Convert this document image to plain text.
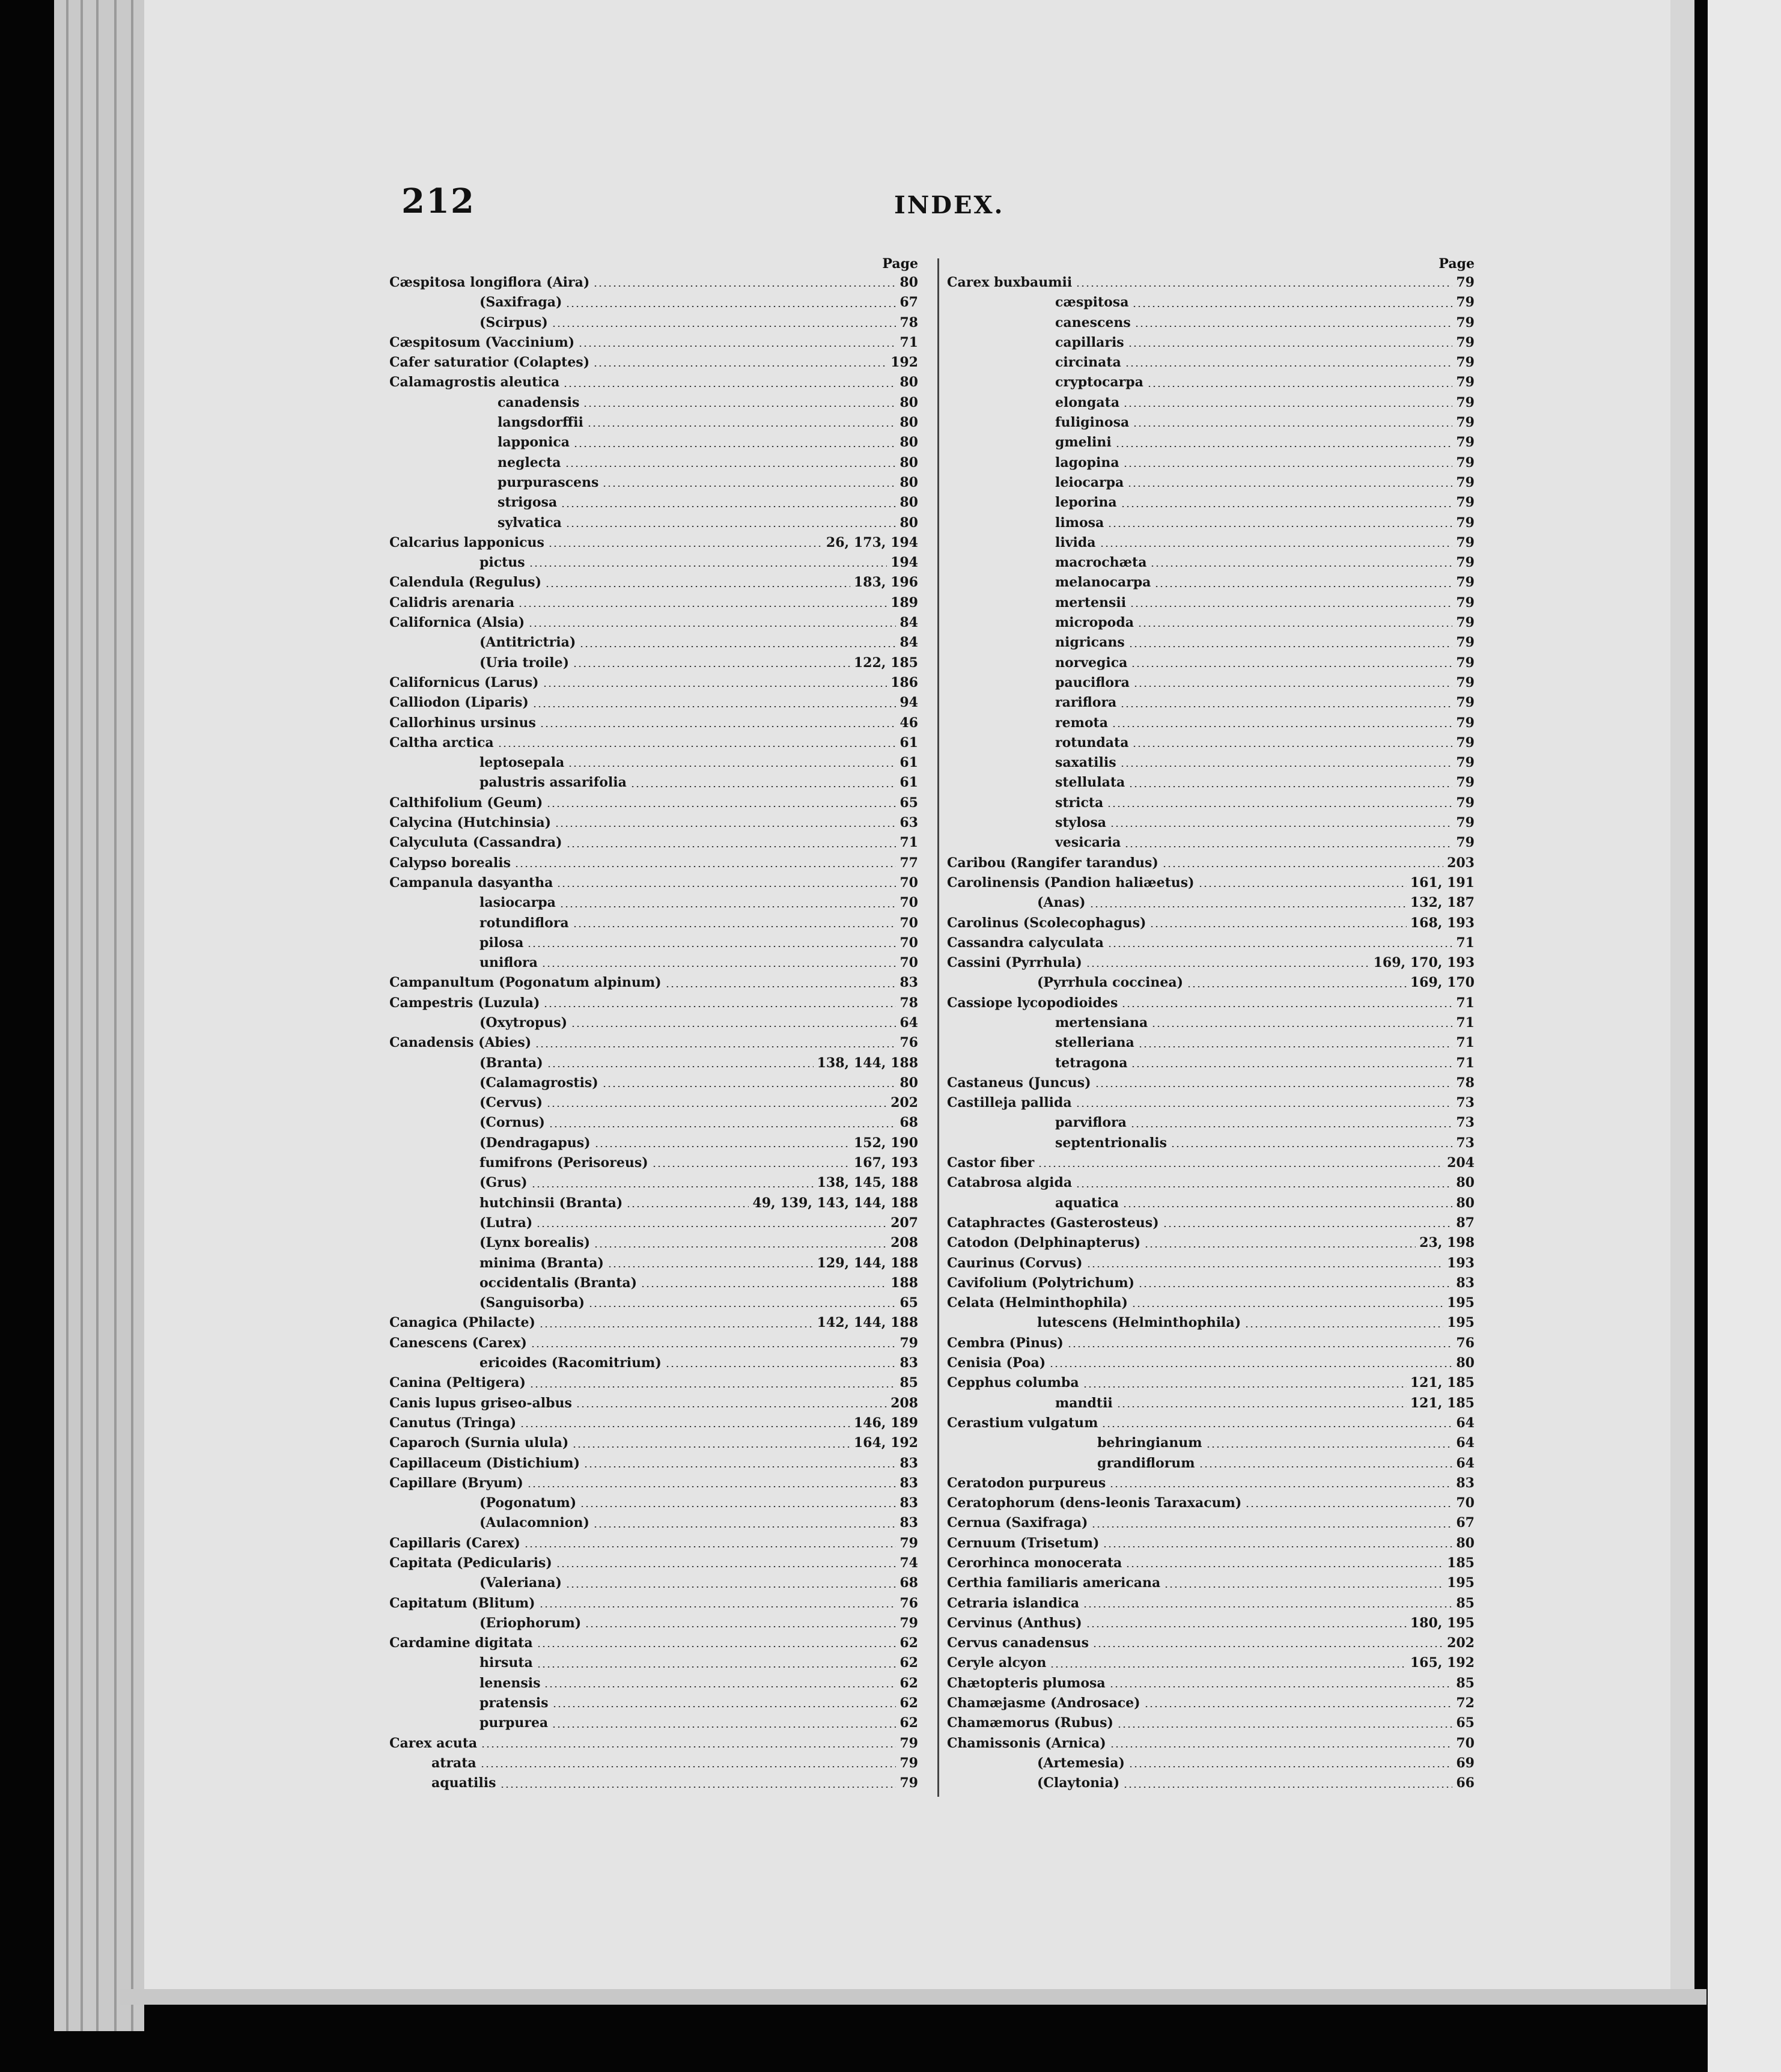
212	INDEX.
Page
Cæspitosa longiflora (Aira)	80
(Saxifraga)	67
(Scirpus)	78
Cæspitosum (Vaccinium)	71
Cafer saturatior (Colaptes)	192
Calamagrostis aleutica	80
canadensis	80
langsdorffii	80
lapponica	80
neglecta	80
purpurascens	80
strigosa	80
sylvatica	80
Calcarius lapponicus	26, 173, 194
pictus	194
Calendula (Regulus)	183, 196
Calidris arenaria	189
Californica (Alsia)	84
(Antitrictria)	84
(Uria troile)	122, 185
Californicus (Larus)	186
Calliodon (Liparis)	94
Callorhinus ursinus	46
Caltha arctica	61
leptosepala	61
palustris assarifolia	61
Calthifolium (Geum)	65
Calycina (Hutchinsia)	63
Calyculuta (Cassandra)	71
Calypso borealis	77
Campanula dasyantha	70
lasiocarpa	70
rotundiflora	70
pilosa	70
uniflora	70
Campanultum (Pogonatum alpinum)	83
Campestris (Luzula)	78
(Oxytropus)	64
Canadensis (Abies)	76
(Branta)	138, 144, 188
(Calamagrostis)	80
(Cervus)	202
(Cornus)	68
(Dendragapus)	152, 190
fumifrons (Perisoreus)	167, 193
(Grus)	138, 145, 188
hutchinsii (Branta)	49, 139, 143, 144, 188
(Lutra)	207
(Lynx borealis)	208
minima (Branta)	129, 144, 188
occidentalis (Branta)	188
(Sanguisorba)	65
Canagica (Philacte)	142, 144, 188
Canescens (Carex)	79
ericoides (Racomitrium)	83
Canina (Peltigera)	85
Canis lupus griseo-albus	208
Canutus (Tringa)	146, 189
Caparoch (Surnia ulula)	164, 192
Capillaceum (Distichium)	83
Capillare (Bryum)	83
(Pogonatum)	83
(Aulacomnion)	83
Capillaris (Carex)	79
Capitata (Pedicularis)	74
(Valeriana)	68
Capitatum (Blitum)	76
(Eriophorum)	79
Cardamine digitata	62
hirsuta	62
lenensis	62
pratensis	62
purpurea	62
Carex acuta	79
atrata	79
aquatilis	79
Page
Carex buxbaumii	79
cæspitosa	79
canescens	79
capillaris	79
circinata	79
cryptocarpa	79
elongata	79
fuliginosa	79
gmelini	79
lagopina	79
leiocarpa	79
leporina	79
limosa	79
livida	79
macrochæta	79
melanocarpa	79
mertensii	79
micropoda	79
nigricans	79
norvegica	79
pauciflora	79
rariflora	79
remota	79
rotundata	79
saxatilis	79
stellulata	79
stricta	79
stylosa	79
vesicaria	79
Caribou (Rangifer tarandus)	203
Carolinensis (Pandion haliæetus)	161, 191
(Anas)	132, 187
Carolinus (Scolecophagus)	168, 193
Cassandra calyculata	71
Cassini (Pyrrhula)	169, 170, 193
(Pyrrhula coccinea)	169, 170
Cassiope lycopodioides	71
mertensiana	71
stelleriana	71
tetragona	71
Castaneus (Juncus)	78
Castilleja pallida	73
parviflora	73
septentrionalis	73
Castor fiber	204
Catabrosa algida	80
aquatica	80
Cataphractes (Gasterosteus)	87
Catodon (Delphinapterus)	23, 198
Caurinus (Corvus)	193
Cavifolium (Polytrichum)	83
Celata (Helminthophila)	195
lutescens (Helminthophila)	195
Cembra (Pinus)	76
Cenisia (Poa)	80
Cepphus columba	121, 185
mandtii	121, 185
Cerastium vulgatum	64
behringianum	64
grandiflorum	64
Ceratodon purpureus	83
Ceratophorum (dens-leonis Taraxacum)	70
Cernua (Saxifraga)	67
Cernuum (Trisetum)	80
Cerorhinca monocerata	185
Certhia familiaris americana	195
Cetraria islandica	85
Cervinus (Anthus)	180, 195
Cervus canadensus	202
Ceryle alcyon	165, 192
Chætopteris plumosa	85
Chamæjasme (Androsace)	72
Chamæmorus (Rubus)	65
Chamissonis (Arnica)	70
(Artemesia)	69
(Claytonia)	66
